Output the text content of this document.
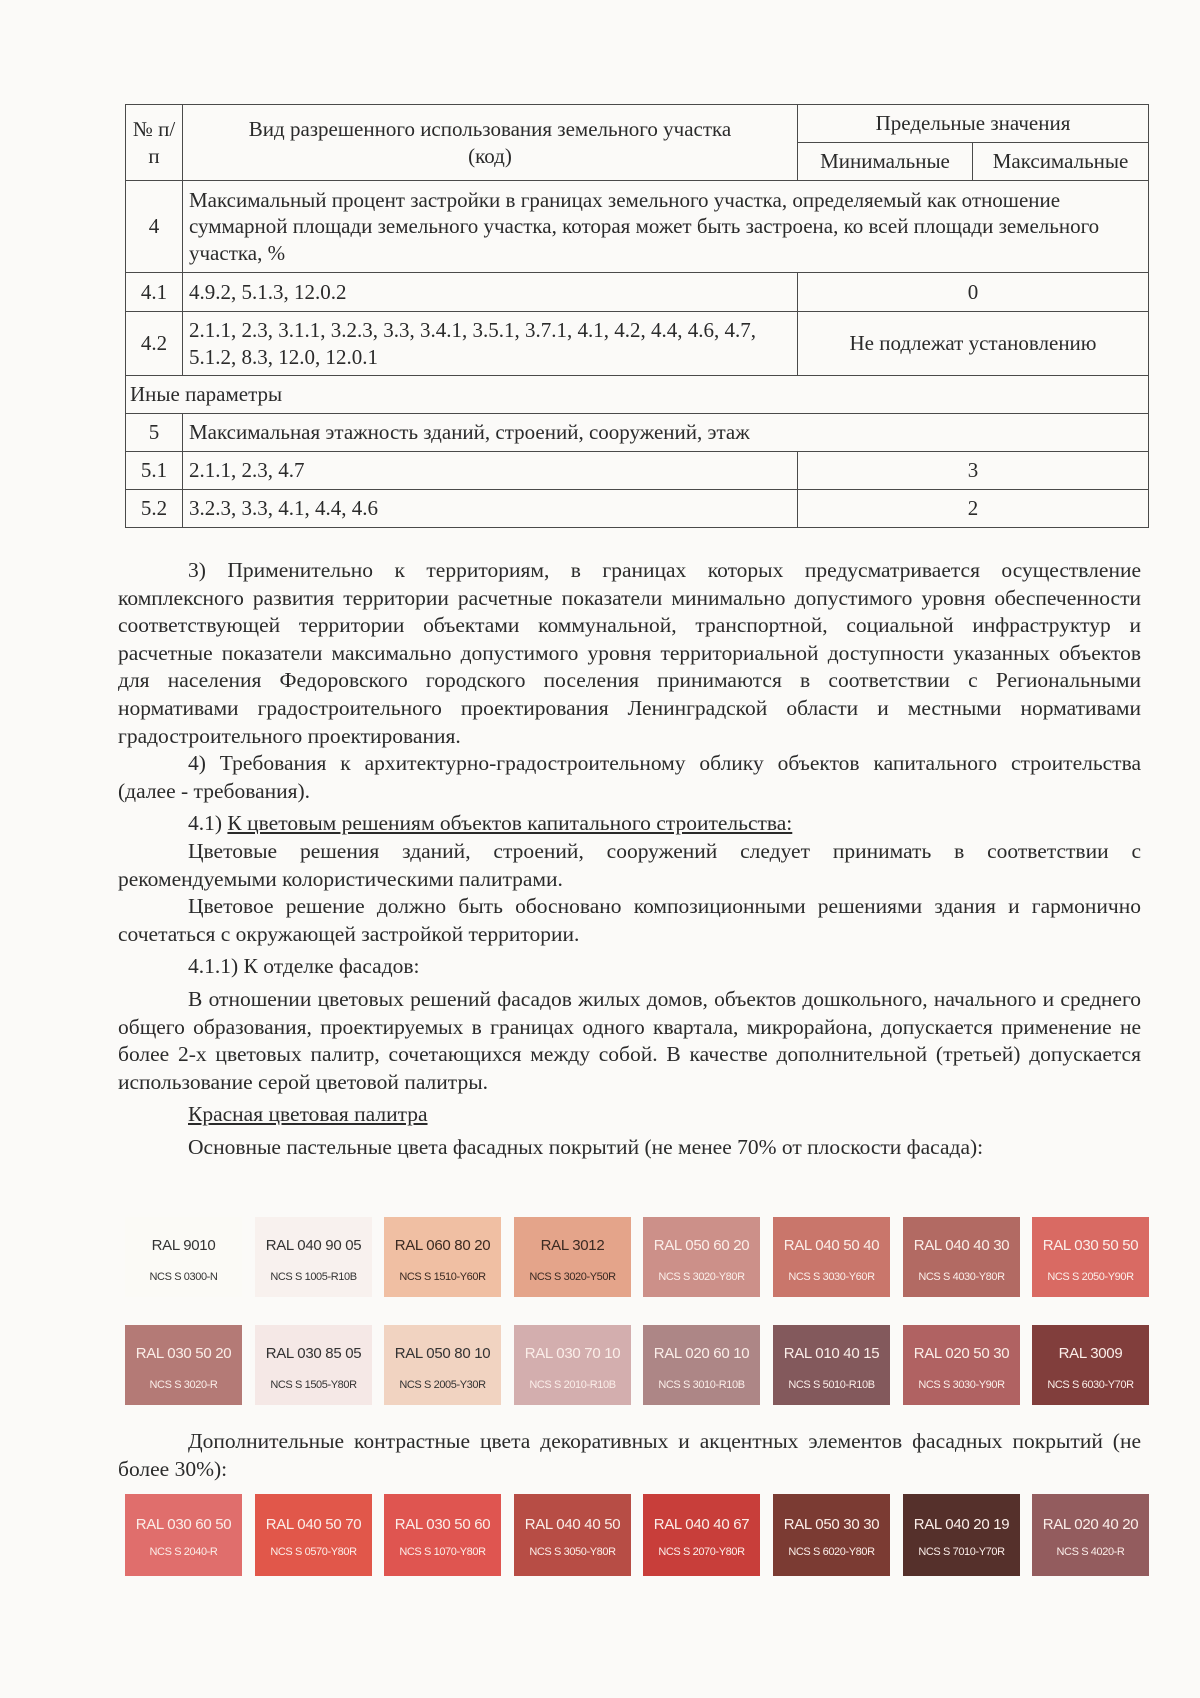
№ п/п	Вид разрешенного использования земельного участка (код)	Предельные значения	
		Минимальные	Максимальные
4	Максимальный процент застройки в границах земельного участка, определяемый как отношение суммарной площади земельного участка, которая может быть застроена, ко всей площади земельного участка, %		
4.1	4.9.2, 5.1.3, 12.0.2	0	
4.2	2.1.1, 2.3, 3.1.1, 3.2.3, 3.3, 3.4.1, 3.5.1, 3.7.1, 4.1, 4.2, 4.4, 4.6, 4.7, 5.1.2, 8.3, 12.0, 12.0.1	Не подлежат установлению	
Иные параметры			
5	Максимальная этажность зданий, строений, сооружений, этаж		
5.1	2.1.1, 2.3, 4.7	3	
5.2	3.2.3, 3.3, 4.1, 4.4, 4.6	2	

3) Применительно к территориям, в границах которых предусматривается осуществление комплексного развития территории расчетные показатели минимально допустимого уровня обеспеченности соответствующей территории объектами коммунальной, транспортной, социальной инфраструктур и расчетные показатели максимально допустимого уровня территориальной доступности указанных объектов для населения Федоровского городского поселения принимаются в соответствии с Региональными нормативами градостроительного проектирования Ленинградской области и местными нормативами градостроительного проектирования.

4) Требования к архитектурно-градостроительному облику объектов капитального строительства (далее - требования).

4.1) К цветовым решениям объектов капитального строительства:

Цветовые решения зданий, строений, сооружений следует принимать в соответствии с рекомендуемыми колористическими палитрами.

Цветовое решение должно быть обосновано композиционными решениями здания и гармонично сочетаться с окружающей застройкой территории.

4.1.1) К отделке фасадов:

В отношении цветовых решений фасадов жилых домов, объектов дошкольного, начального и среднего общего образования, проектируемых в границах одного квартала, микрорайона, допускается применение не более 2-х цветовых палитр, сочетающихся между собой. В качестве дополнительной (третьей) допускается использование серой цветовой палитры.

Красная цветовая палитра

Основные пастельные цвета фасадных покрытий (не менее 70% от плоскости фасада):

RAL 9010
NCS S 0300-N
RAL 040 90 05
NCS S 1005-R10B
RAL 060 80 20
NCS S 1510-Y60R
RAL 3012
NCS S 3020-Y50R
RAL 050 60 20
NCS S 3020-Y80R
RAL 040 50 40
NCS S 3030-Y60R
RAL 040 40 30
NCS S 4030-Y80R
RAL 030 50 50
NCS S 2050-Y90R
RAL 030 50 20
NCS S 3020-R
RAL 030 85 05
NCS S 1505-Y80R
RAL 050 80 10
NCS S 2005-Y30R
RAL 030 70 10
NCS S 2010-R10B
RAL 020 60 10
NCS S 3010-R10B
RAL 010 40 15
NCS S 5010-R10B
RAL 020 50 30
NCS S 3030-Y90R
RAL 3009
NCS S 6030-Y70R

Дополнительные контрастные цвета декоративных и акцентных элементов фасадных покрытий (не более 30%):

RAL 030 60 50
NCS S 2040-R
RAL 040 50 70
NCS S 0570-Y80R
RAL 030 50 60
NCS S 1070-Y80R
RAL 040 40 50
NCS S 3050-Y80R
RAL 040 40 67
NCS S 2070-Y80R
RAL 050 30 30
NCS S 6020-Y80R
RAL 040 20 19
NCS S 7010-Y70R
RAL 020 40 20
NCS S 4020-R
